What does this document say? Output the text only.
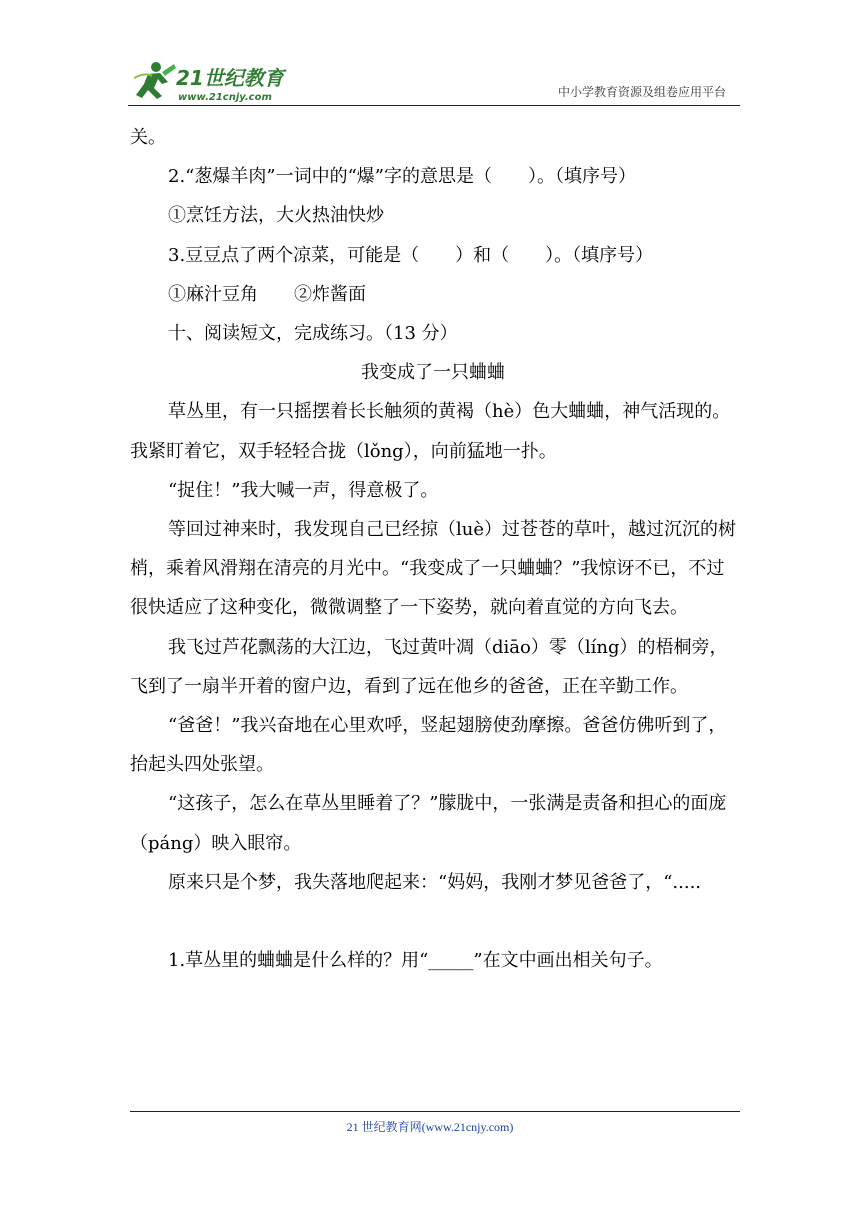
21世纪教育
www.21cnjy.com	中小学教育资源及组卷应用平台

关。

2.“葱爆羊肉”一词中的“爆”字的意思是（　　）。（填序号）

①烹饪方法，大火热油快炒

3.豆豆点了两个凉菜，可能是（　　）和（　　）。（填序号）

①麻汁豆角　　②炸酱面

十、阅读短文，完成练习。（13 分）

我变成了一只蛐蛐

草丛里，有一只摇摆着长长触须的黄褐（hè）色大蛐蛐，神气活现的。我紧盯着它，双手轻轻合拢（lǒng），向前猛地一扑。

“捉住！”我大喊一声，得意极了。

等回过神来时，我发现自己已经掠（luè）过苍苍的草叶，越过沉沉的树梢，乘着风滑翔在清亮的月光中。“我变成了一只蛐蛐？”我惊讶不已，不过很快适应了这种变化，微微调整了一下姿势，就向着直觉的方向飞去。

我飞过芦花飘荡的大江边，飞过黄叶凋（diāo）零（líng）的梧桐旁，飞到了一扇半开着的窗户边，看到了远在他乡的爸爸，正在辛勤工作。

“爸爸！”我兴奋地在心里欢呼，竖起翅膀使劲摩擦。爸爸仿佛听到了，抬起头四处张望。

“这孩子，怎么在草丛里睡着了？”朦胧中，一张满是责备和担心的面庞（páng）映入眼帘。

原来只是个梦，我失落地爬起来：“妈妈，我刚才梦见爸爸了，“.....

1.草丛里的蛐蛐是什么样的？用“_____”在文中画出相关句子。

21 世纪教育网(www.21cnjy.com)
